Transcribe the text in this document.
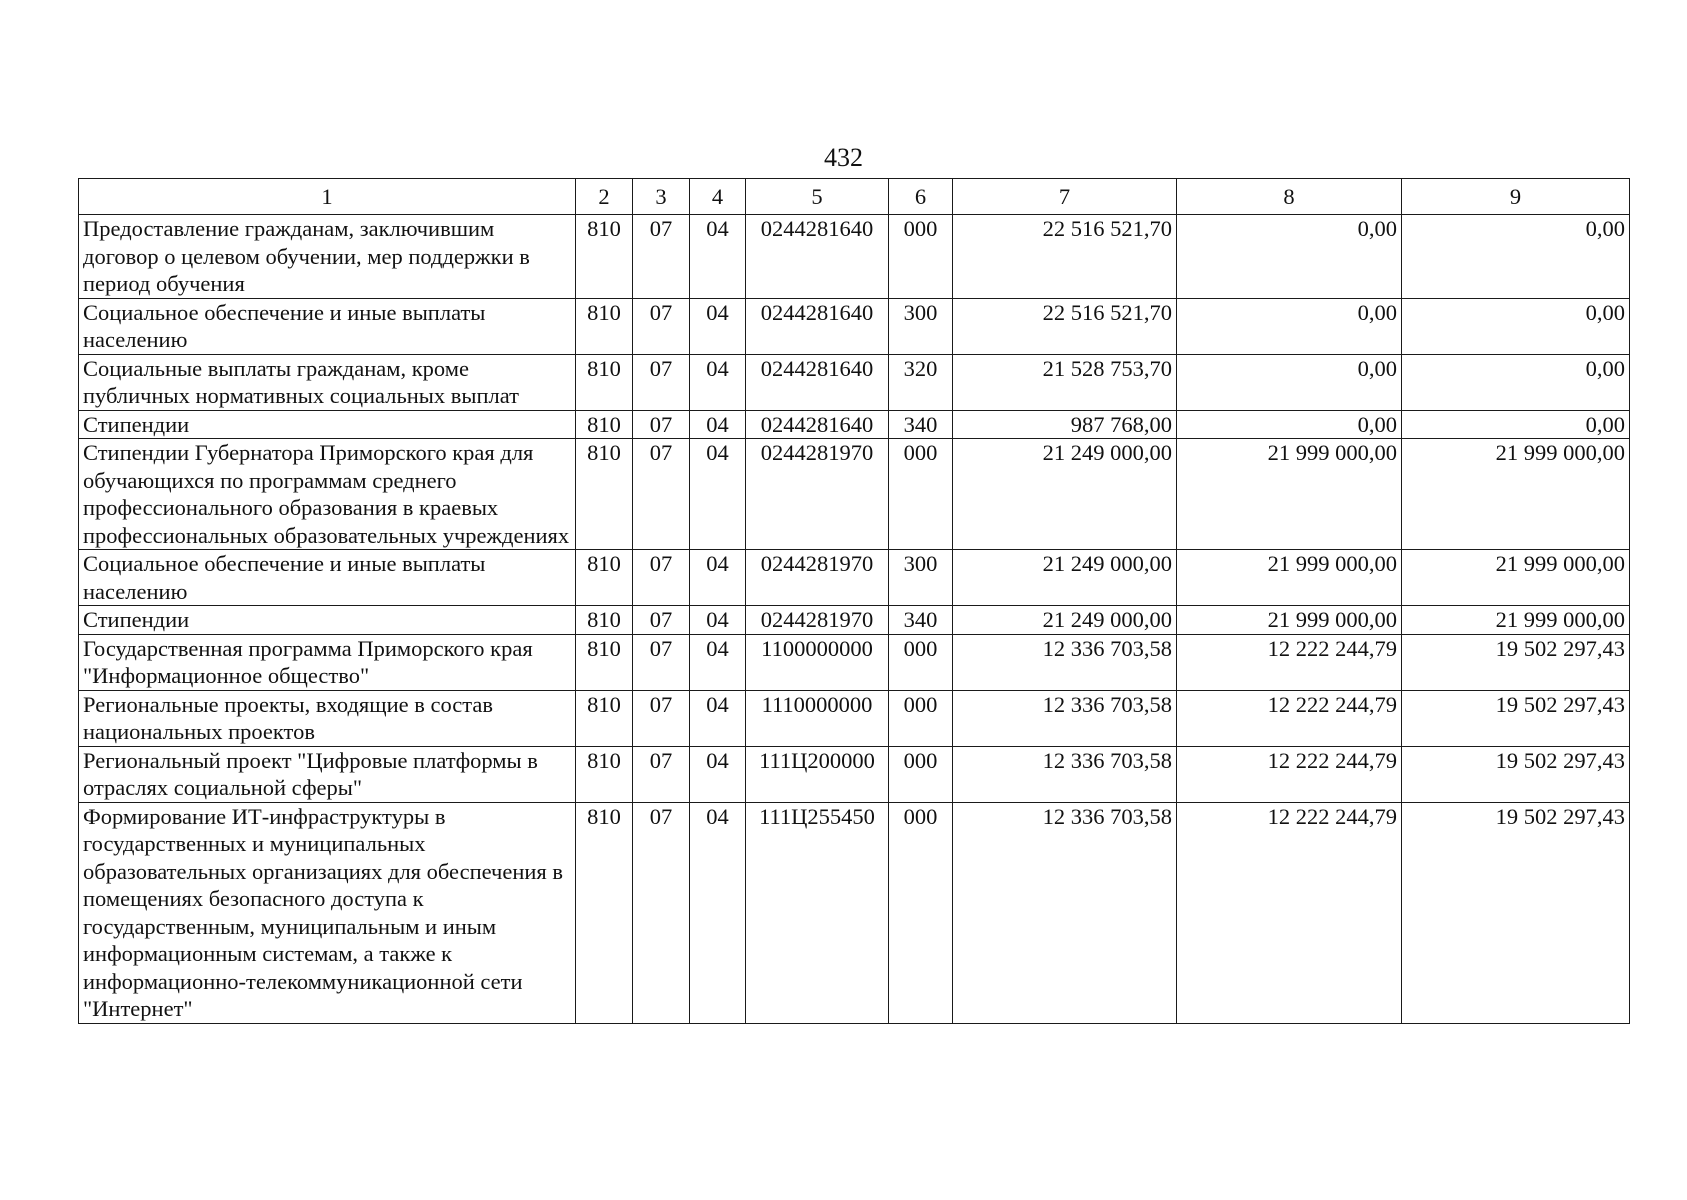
432
1	2	3	4	5	6	7	8	9
Предоставление гражданам, заключившим договор о целевом обучении, мер поддержки в период обучения	810	07	04	0244281640	000	22 516 521,70	0,00	0,00
Социальное обеспечение и иные выплаты населению	810	07	04	0244281640	300	22 516 521,70	0,00	0,00
Социальные выплаты гражданам, кроме публичных нормативных социальных выплат	810	07	04	0244281640	320	21 528 753,70	0,00	0,00
Стипендии	810	07	04	0244281640	340	987 768,00	0,00	0,00
Стипендии Губернатора Приморского края для обучающихся по программам среднего профессионального образования в краевых профессиональных образовательных учреждениях	810	07	04	0244281970	000	21 249 000,00	21 999 000,00	21 999 000,00
Социальное обеспечение и иные выплаты населению	810	07	04	0244281970	300	21 249 000,00	21 999 000,00	21 999 000,00
Стипендии	810	07	04	0244281970	340	21 249 000,00	21 999 000,00	21 999 000,00
Государственная программа Приморского края "Информационное общество"	810	07	04	1100000000	000	12 336 703,58	12 222 244,79	19 502 297,43
Региональные проекты, входящие в состав национальных проектов	810	07	04	1110000000	000	12 336 703,58	12 222 244,79	19 502 297,43
Региональный проект "Цифровые платформы в отраслях социальной сферы"	810	07	04	111Ц200000	000	12 336 703,58	12 222 244,79	19 502 297,43
Формирование ИТ-инфраструктуры в государственных и муниципальных образовательных организациях для обеспечения в помещениях безопасного доступа к государственным, муниципальным и иным информационным системам, а также к информационно-телекоммуникационной сети "Интернет"	810	07	04	111Ц255450	000	12 336 703,58	12 222 244,79	19 502 297,43
